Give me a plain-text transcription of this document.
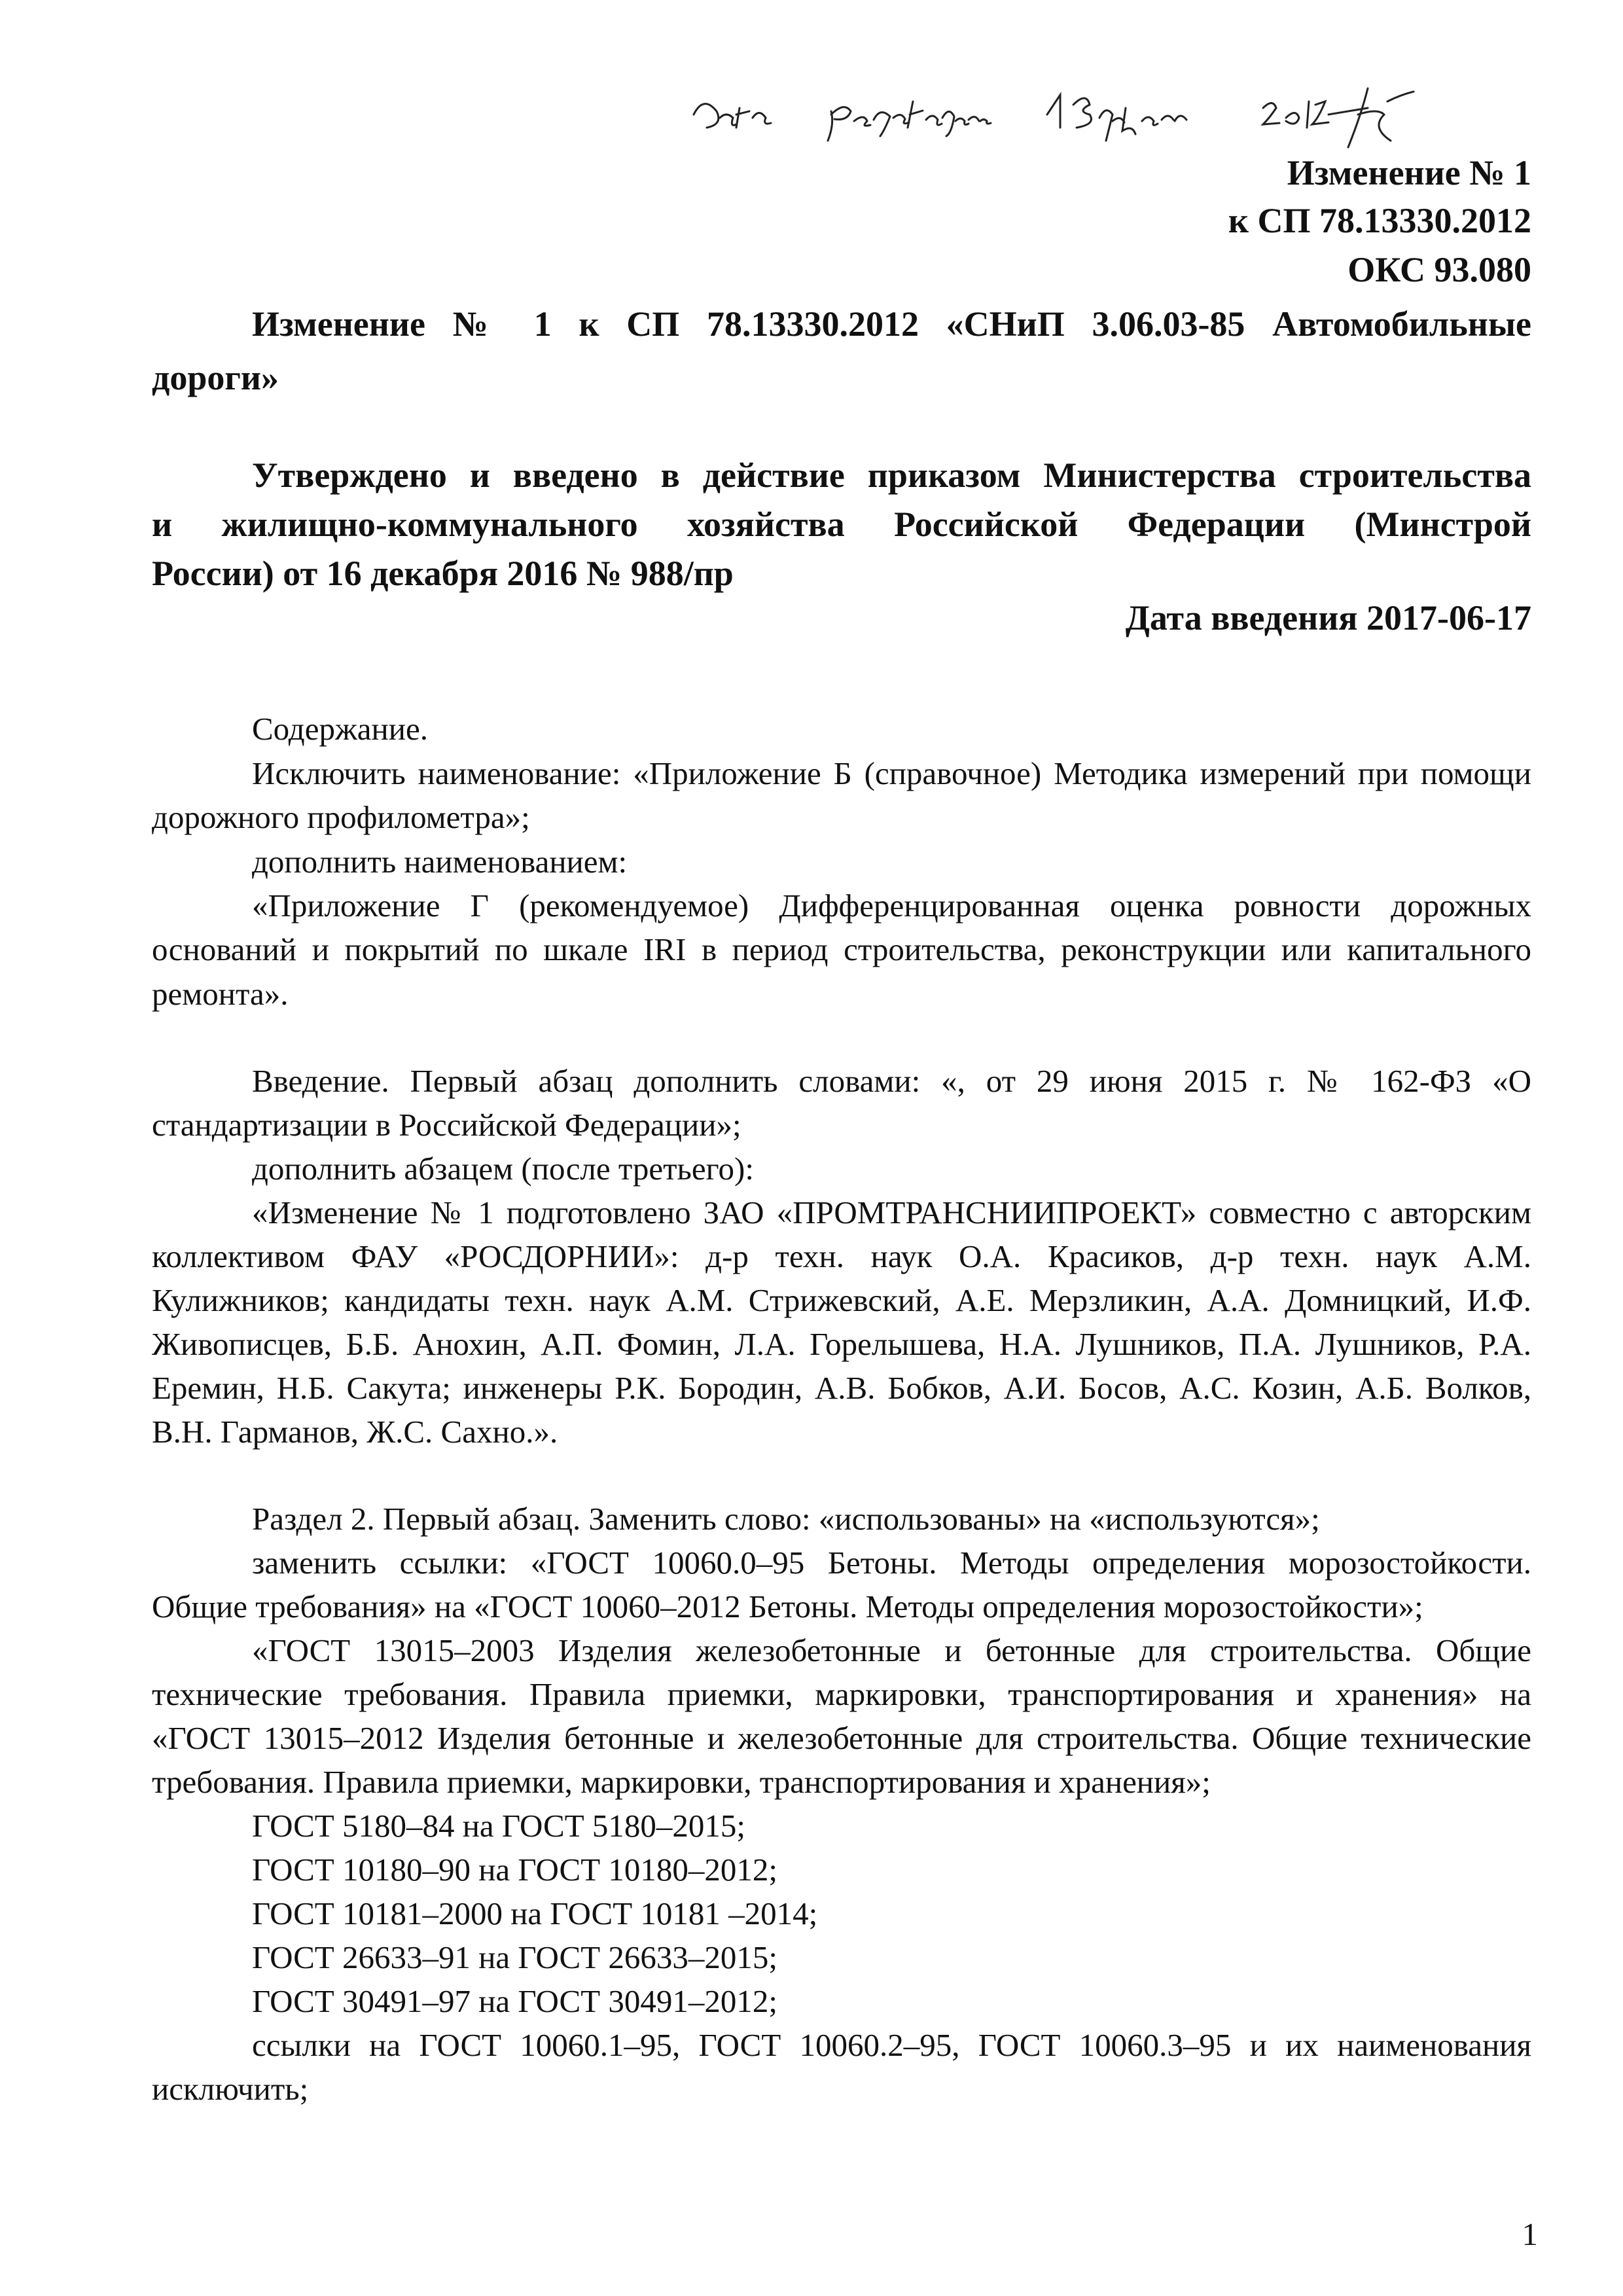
Изменение № 1
к СП 78.13330.2012
ОКС 93.080
Изменение № 1 к СП 78.13330.2012 «СНиП 3.06.03-85 Автомобильные
дороги»
Утверждено и введено в действие приказом Министерства строительства
и жилищно-коммунального хозяйства Российской Федерации (Минстрой
России) от 16 декабря 2016 № 988/пр
Дата введения 2017-06-17
Содержание.
Исключить наименование: «Приложение Б (справочное) Методика измерений при помощи
дорожного профилометра»;
дополнить наименованием:
«Приложение Г (рекомендуемое) Дифференцированная оценка ровности дорожных
оснований и покрытий по шкале IRI в период строительства, реконструкции или капитального
ремонта».
Введение. Первый абзац дополнить словами: «, от 29 июня 2015 г. № 162-ФЗ «О
стандартизации в Российской Федерации»;
дополнить абзацем (после третьего):
«Изменение № 1 подготовлено ЗАО «ПРОМТРАНСНИИПРОЕКТ» совместно с авторским
коллективом ФАУ «РОСДОРНИИ»: д-р техн. наук О.А. Красиков, д-р техн. наук А.М.
Кулижников; кандидаты техн. наук А.М. Стрижевский, А.Е. Мерзликин, А.А. Домницкий, И.Ф.
Живописцев, Б.Б. Анохин, А.П. Фомин, Л.А. Горелышева, Н.А. Лушников, П.А. Лушников, Р.А.
Еремин, Н.Б. Сакута; инженеры Р.К. Бородин, А.В. Бобков, А.И. Босов, А.С. Козин, А.Б. Волков,
В.Н. Гарманов, Ж.С. Сахно.».
Раздел 2. Первый абзац. Заменить слово: «использованы» на «используются»;
заменить ссылки: «ГОСТ 10060.0–95 Бетоны. Методы определения морозостойкости.
Общие требования» на «ГОСТ 10060–2012 Бетоны. Методы определения морозостойкости»;
«ГОСТ 13015–2003 Изделия железобетонные и бетонные для строительства. Общие
технические требования. Правила приемки, маркировки, транспортирования и хранения» на
«ГОСТ 13015–2012 Изделия бетонные и железобетонные для строительства. Общие технические
требования. Правила приемки, маркировки, транспортирования и хранения»;
ГОСТ 5180–84 на ГОСТ 5180–2015;
ГОСТ 10180–90 на ГОСТ 10180–2012;
ГОСТ 10181–2000 на ГОСТ 10181 –2014;
ГОСТ 26633–91 на ГОСТ 26633–2015;
ГОСТ 30491–97 на ГОСТ 30491–2012;
ссылки на ГОСТ 10060.1–95, ГОСТ 10060.2–95, ГОСТ 10060.3–95 и их наименования
исключить;
1
